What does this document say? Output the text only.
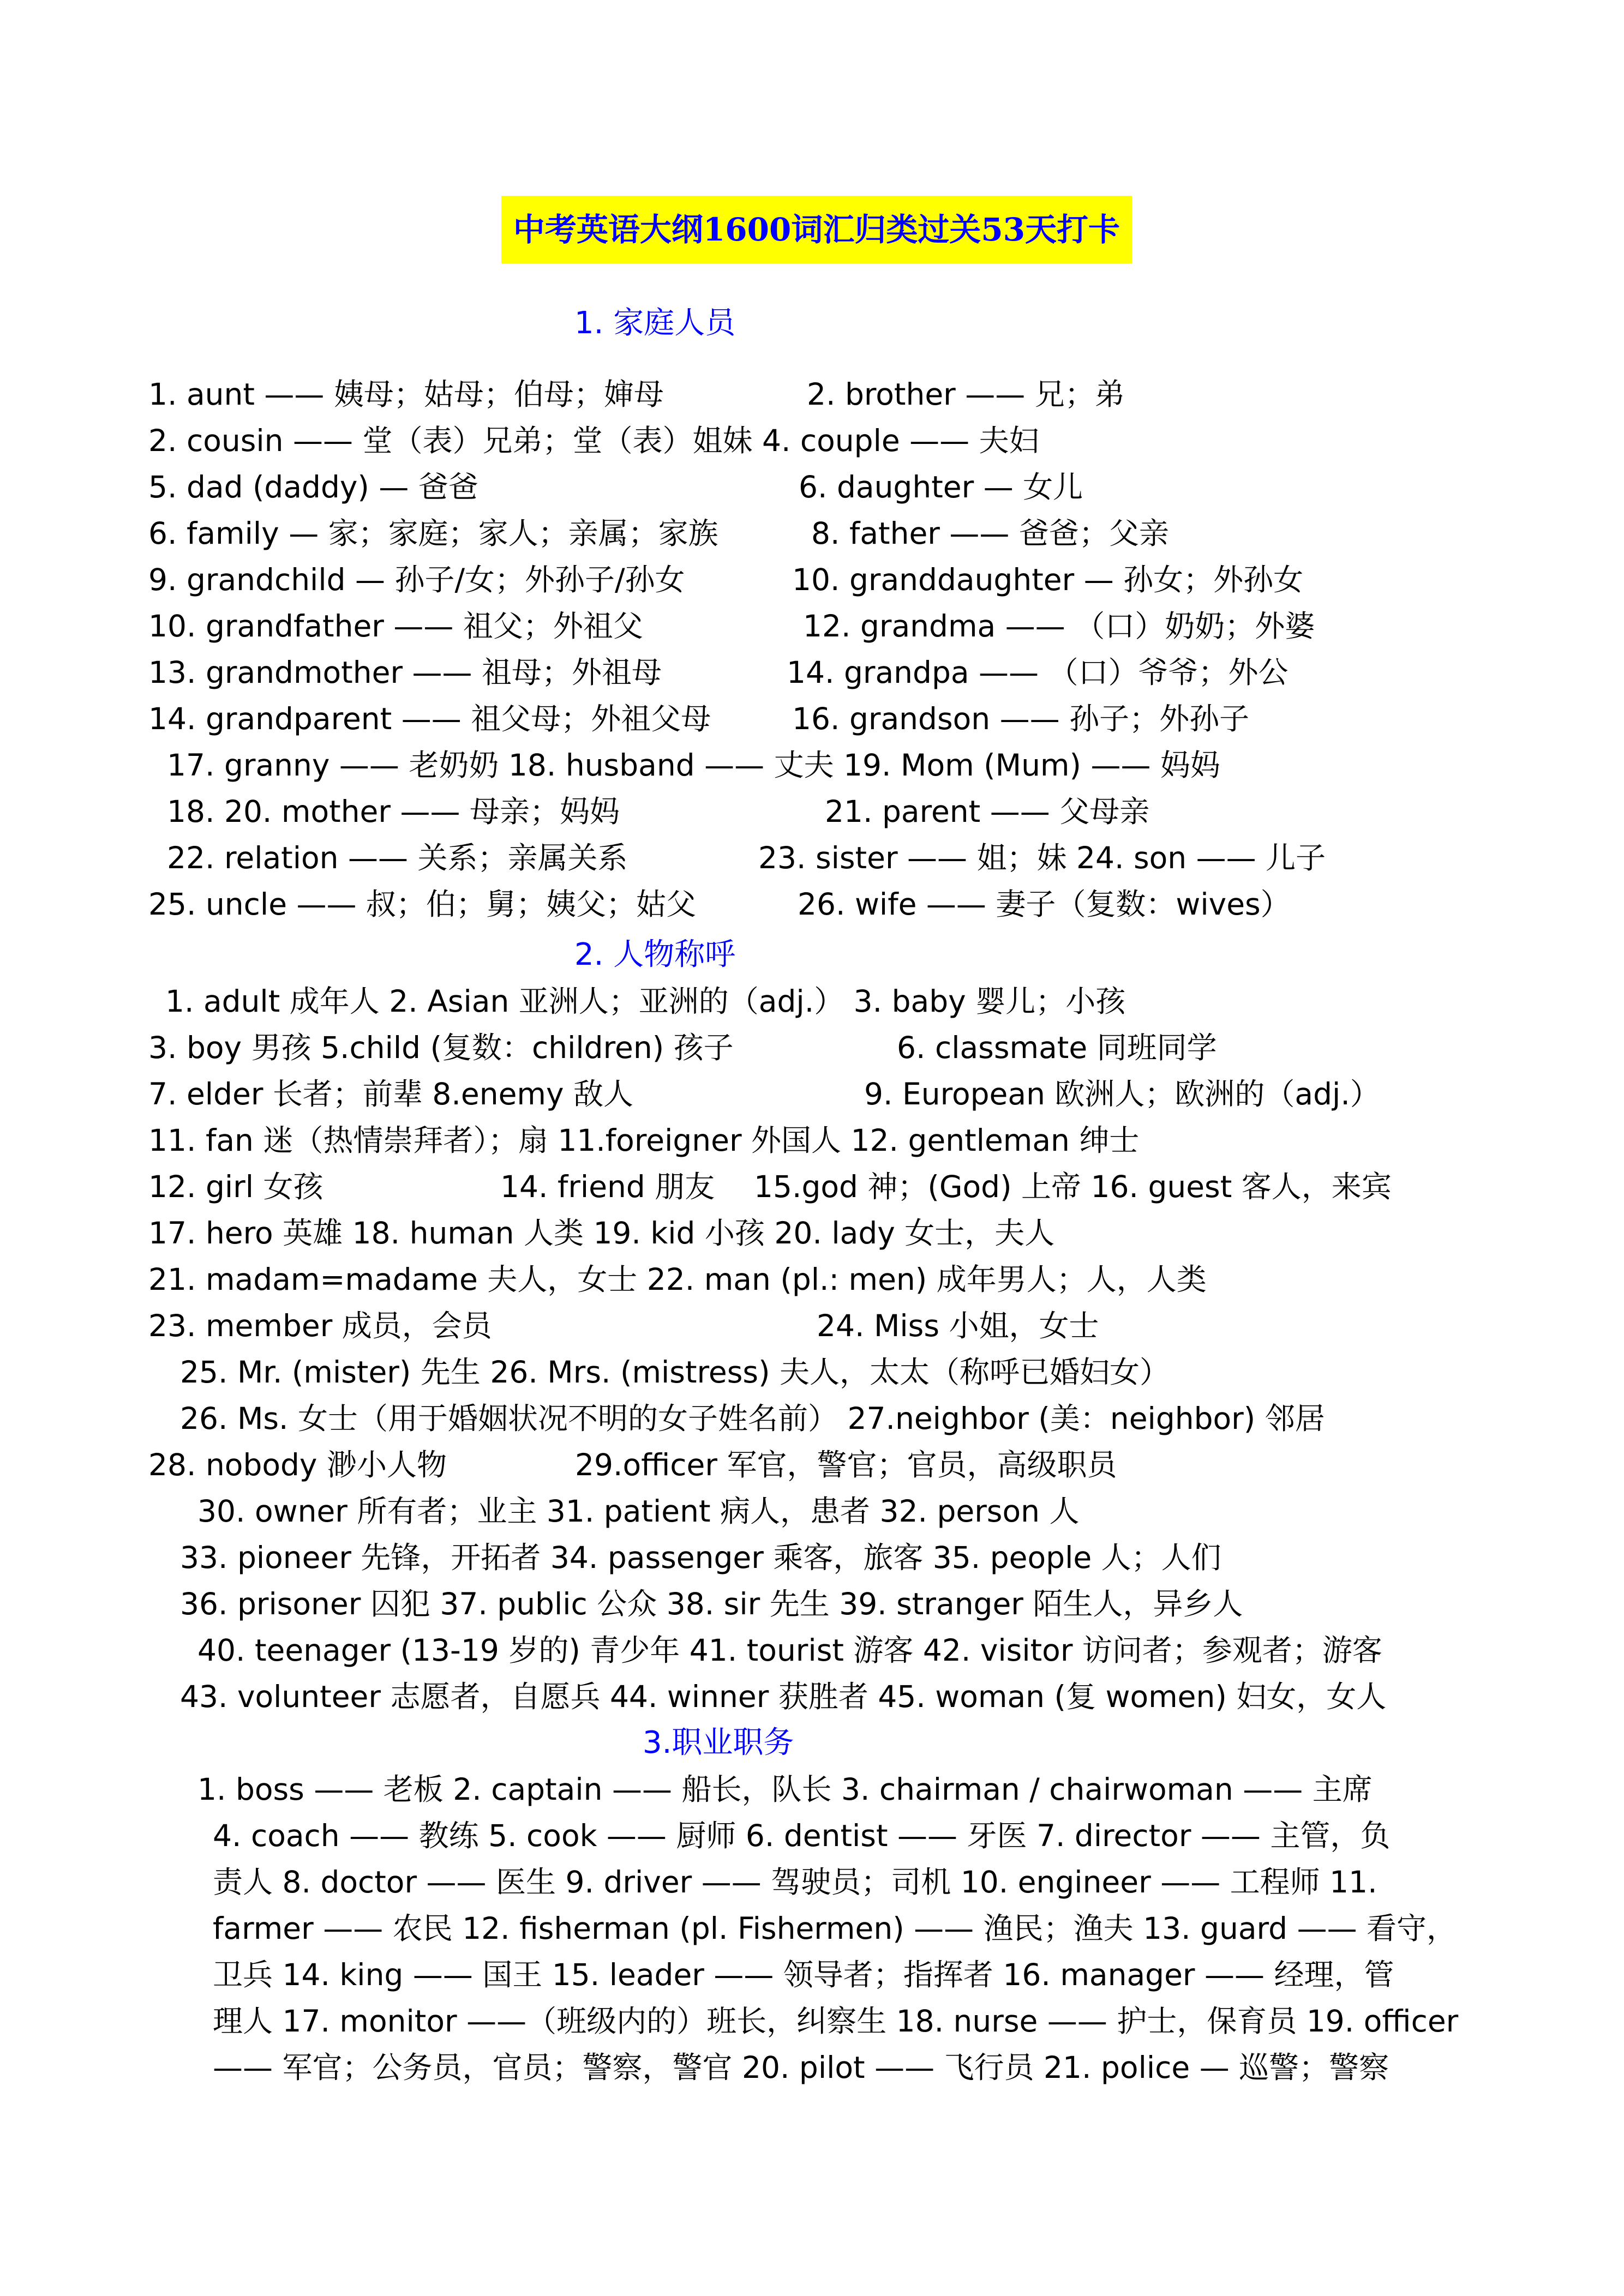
中考英语大纲1600词汇归类过关53天打卡
1. 家庭人员
1. aunt —— 姨母；姑母；伯母；婶母	2. brother —— 兄；弟
2. cousin —— 堂（表）兄弟；堂（表）姐妹 4. couple —— 夫妇
5. dad (daddy) — 爸爸	6. daughter — 女儿
6. family — 家；家庭；家人；亲属；家族	8. father —— 爸爸；父亲
9. grandchild — 孙子/女；外孙子/孙女	10. granddaughter — 孙女；外孙女
10. grandfather —— 祖父；外祖父	12. grandma —— （口）奶奶；外婆
13. grandmother —— 祖母；外祖母	14. grandpa —— （口）爷爷；外公
14. grandparent —— 祖父母；外祖父母	16. grandson —— 孙子；外孙子
17. granny —— 老奶奶 18. husband —— 丈夫 19. Mom (Mum) —— 妈妈
18. 20. mother —— 母亲；妈妈	21. parent —— 父母亲
22. relation —— 关系；亲属关系	23. sister —— 姐；妹 24. son —— 儿子
25. uncle —— 叔；伯；舅；姨父；姑父	26. wife —— 妻子（复数：wives）
2. 人物称呼
1. adult 成年人 2. Asian 亚洲人；亚洲的（adj.） 3. baby 婴儿；小孩
3. boy 男孩 5.child (复数：children) 孩子	6. classmate 同班同学
7. elder 长者；前辈 8.enemy 敌人	9. European 欧洲人；欧洲的（adj.）
11. fan 迷（热情崇拜者）；扇 11.foreigner 外国人 12. gentleman 绅士
12. girl 女孩	14. friend 朋友 15.god 神；(God) 上帝 16. guest 客人，来宾
17. hero 英雄 18. human 人类 19. kid 小孩 20. lady 女士，夫人
21. madam=madame 夫人，女士 22. man (pl.: men) 成年男人；人，人类
23. member 成员，会员	24. Miss 小姐，女士
25. Mr. (mister) 先生 26. Mrs. (mistress) 夫人，太太（称呼已婚妇女）
26. Ms. 女士（用于婚姻状况不明的女子姓名前） 27.neighbor (美：neighbor) 邻居
28. nobody 渺小人物	29.officer 军官，警官；官员，高级职员
30. owner 所有者；业主 31. patient 病人，患者 32. person 人
33. pioneer 先锋，开拓者 34. passenger 乘客，旅客 35. people 人；人们
36. prisoner 囚犯 37. public 公众 38. sir 先生 39. stranger 陌生人，异乡人
40. teenager (13-19 岁的) 青少年 41. tourist 游客 42. visitor 访问者；参观者；游客
43. volunteer 志愿者，自愿兵 44. winner 获胜者 45. woman (复 women) 妇女，女人
3.职业职务
1. boss —— 老板 2. captain —— 船长，队长 3. chairman / chairwoman —— 主席
4. coach —— 教练 5. cook —— 厨师 6. dentist —— 牙医 7. director —— 主管，负
责人 8. doctor —— 医生 9. driver —— 驾驶员；司机 10. engineer —— 工程师 11.
farmer —— 农民 12. fisherman (pl. Fishermen) —— 渔民；渔夫 13. guard —— 看守，
卫兵 14. king —— 国王 15. leader —— 领导者；指挥者 16. manager —— 经理，管
理人 17. monitor ——（班级内的）班长，纠察生 18. nurse —— 护士，保育员 19. officer
—— 军官；公务员，官员；警察，警官 20. pilot —— 飞行员 21. police — 巡警；警察
